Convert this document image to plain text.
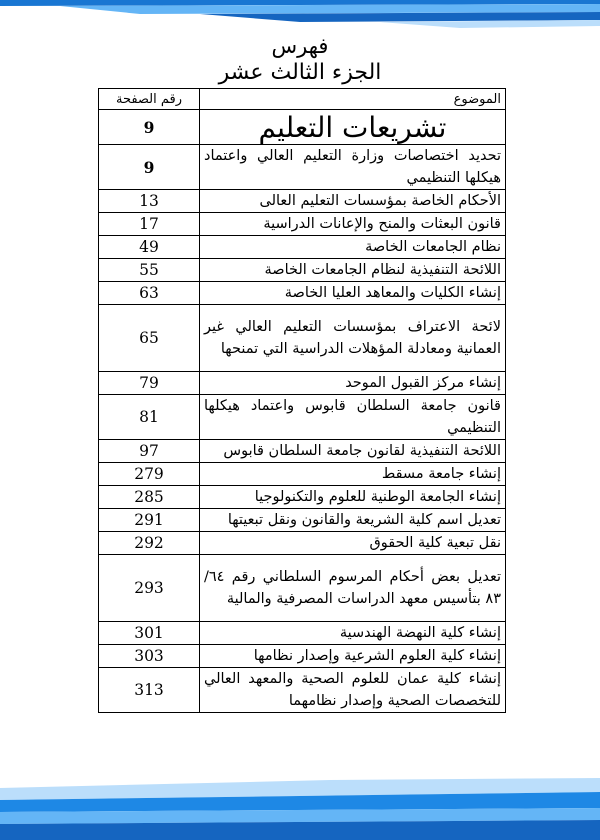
فهرس
الجزء الثالث عشر
الموضوع	رقم الصفحة
تشريعات التعليم	9
تحديد اختصاصات وزارة التعليم العالي واعتماد هيكلها التنظيمي	9
الأحكام الخاصة بمؤسسات التعليم العالى	13
قانون البعثات والمنح والإعانات الدراسية	17
نظام الجامعات الخاصة	49
اللائحة التنفيذية لنظام الجامعات الخاصة	55
إنشاء الكليات والمعاهد العليا الخاصة	63
لائحة الاعتراف بمؤسسات التعليم العالي غير العمانية ومعادلة المؤهلات الدراسية التي تمنحها	65
إنشاء مركز القبول الموحد	79
قانون جامعة السلطان قابوس واعتماد هيكلها التنظيمي	81
اللائحة التنفيذية لقانون جامعة السلطان قابوس	97
إنشاء جامعة مسقط	279
إنشاء الجامعة الوطنية للعلوم والتكنولوجيا	285
تعديل اسم كلية الشريعة والقانون ونقل تبعيتها	291
نقل تبعية كلية الحقوق	292
تعديل بعض أحكام المرسوم السلطاني رقم ٦٤/ ٨٣ بتأسيس معهد الدراسات المصرفية والمالية	293
إنشاء كلية النهضة الهندسية	301
إنشاء كلية العلوم الشرعية وإصدار نظامها	303
إنشاء كلية عمان للعلوم الصحية والمعهد العالي للتخصصات الصحية وإصدار نظامهما	313
